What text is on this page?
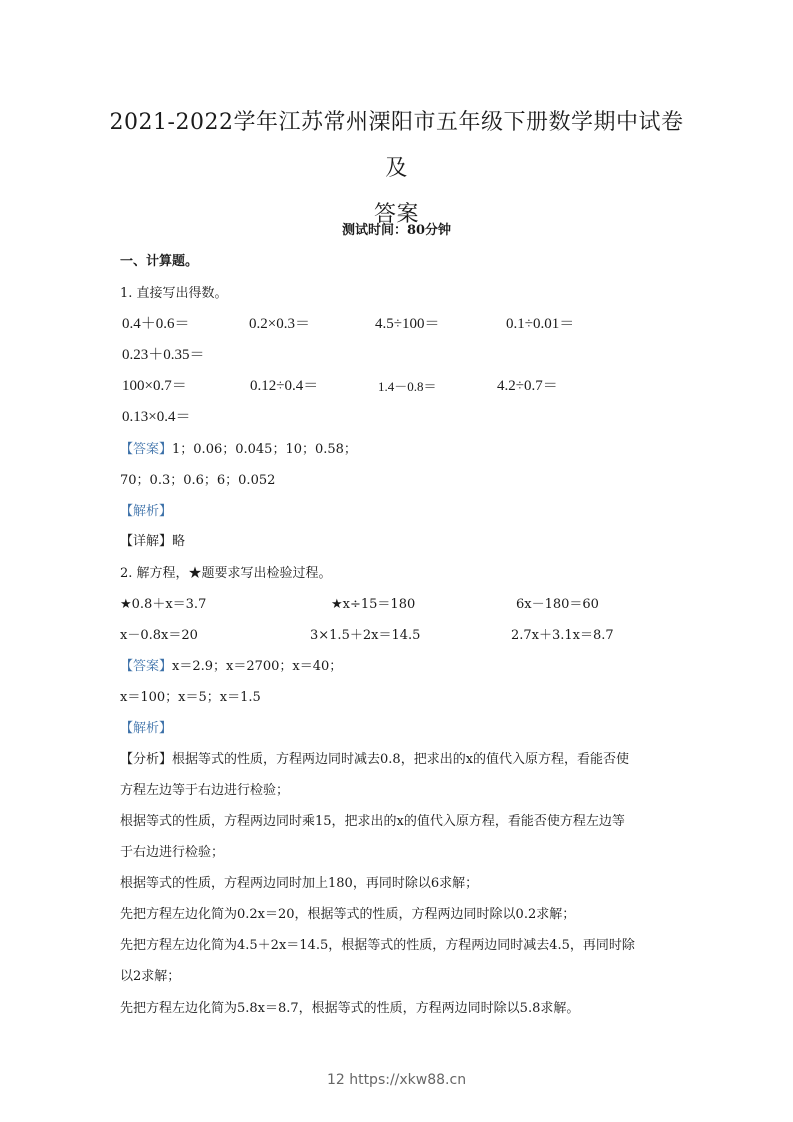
2021-2022学年江苏常州溧阳市五年级下册数学期中试卷及
答案
测试时间：80分钟
一、计算题。
1. 直接写出得数。
0.4＋0.6＝	0.2×0.3＝	4.5÷100＝	0.1÷0.01＝
0.23＋0.35＝
100×0.7＝	0.12÷0.4＝	1.4－0.8＝	4.2÷0.7＝
0.13×0.4＝
【答案】1；0.06；0.045；10；0.58；
70；0.3；0.6；6；0.052
【解析】
【详解】略
2. 解方程，★题要求写出检验过程。
★0.8＋x＝3.7	★x÷15＝180	6x－180＝60
x－0.8x＝20	3×1.5＋2x＝14.5	2.7x＋3.1x＝8.7
【答案】x＝2.9；x＝2700；x＝40；
x＝100；x＝5；x＝1.5
【解析】
【分析】根据等式的性质，方程两边同时减去0.8，把求出的x的值代入原方程，看能否使
方程左边等于右边进行检验；
根据等式的性质，方程两边同时乘15，把求出的x的值代入原方程，看能否使方程左边等
于右边进行检验；
根据等式的性质，方程两边同时加上180，再同时除以6求解；
先把方程左边化简为0.2x＝20，根据等式的性质，方程两边同时除以0.2求解；
先把方程左边化简为4.5＋2x＝14.5，根据等式的性质，方程两边同时减去4.5，再同时除
以2求解；
先把方程左边化简为5.8x＝8.7，根据等式的性质，方程两边同时除以5.8求解。
12 https://xkw88.cn
